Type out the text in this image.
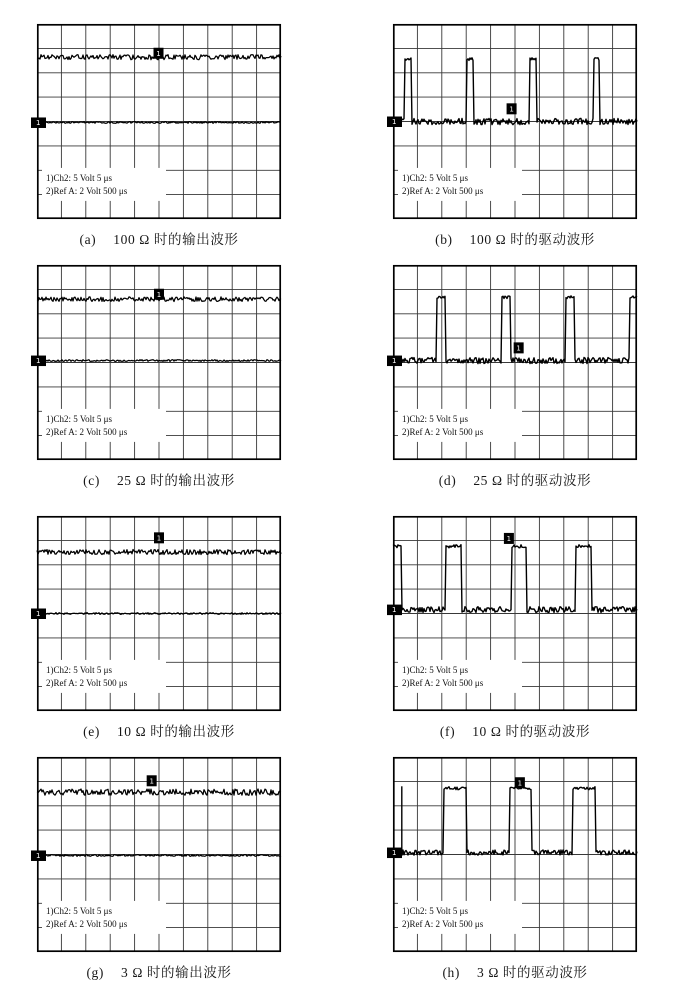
1)Ch2: 5 Volt 5 μs
2)Ref A: 2 Volt 500 μs
1
1
(a) 100 Ω 时的输出波形
1)Ch2: 5 Volt 5 μs
2)Ref A: 2 Volt 500 μs
1
1
(b) 100 Ω 时的驱动波形
1)Ch2: 5 Volt 5 μs
2)Ref A: 2 Volt 500 μs
1
1
(c) 25 Ω 时的输出波形
1)Ch2: 5 Volt 5 μs
2)Ref A: 2 Volt 500 μs
1
1
(d) 25 Ω 时的驱动波形
1)Ch2: 5 Volt 5 μs
2)Ref A: 2 Volt 500 μs
1
1
(e) 10 Ω 时的输出波形
1)Ch2: 5 Volt 5 μs
2)Ref A: 2 Volt 500 μs
1
1
(f) 10 Ω 时的驱动波形
1)Ch2: 5 Volt 5 μs
2)Ref A: 2 Volt 500 μs
1
1
(g) 3 Ω 时的输出波形
1)Ch2: 5 Volt 5 μs
2)Ref A: 2 Volt 500 μs
1
1
(h) 3 Ω 时的驱动波形
